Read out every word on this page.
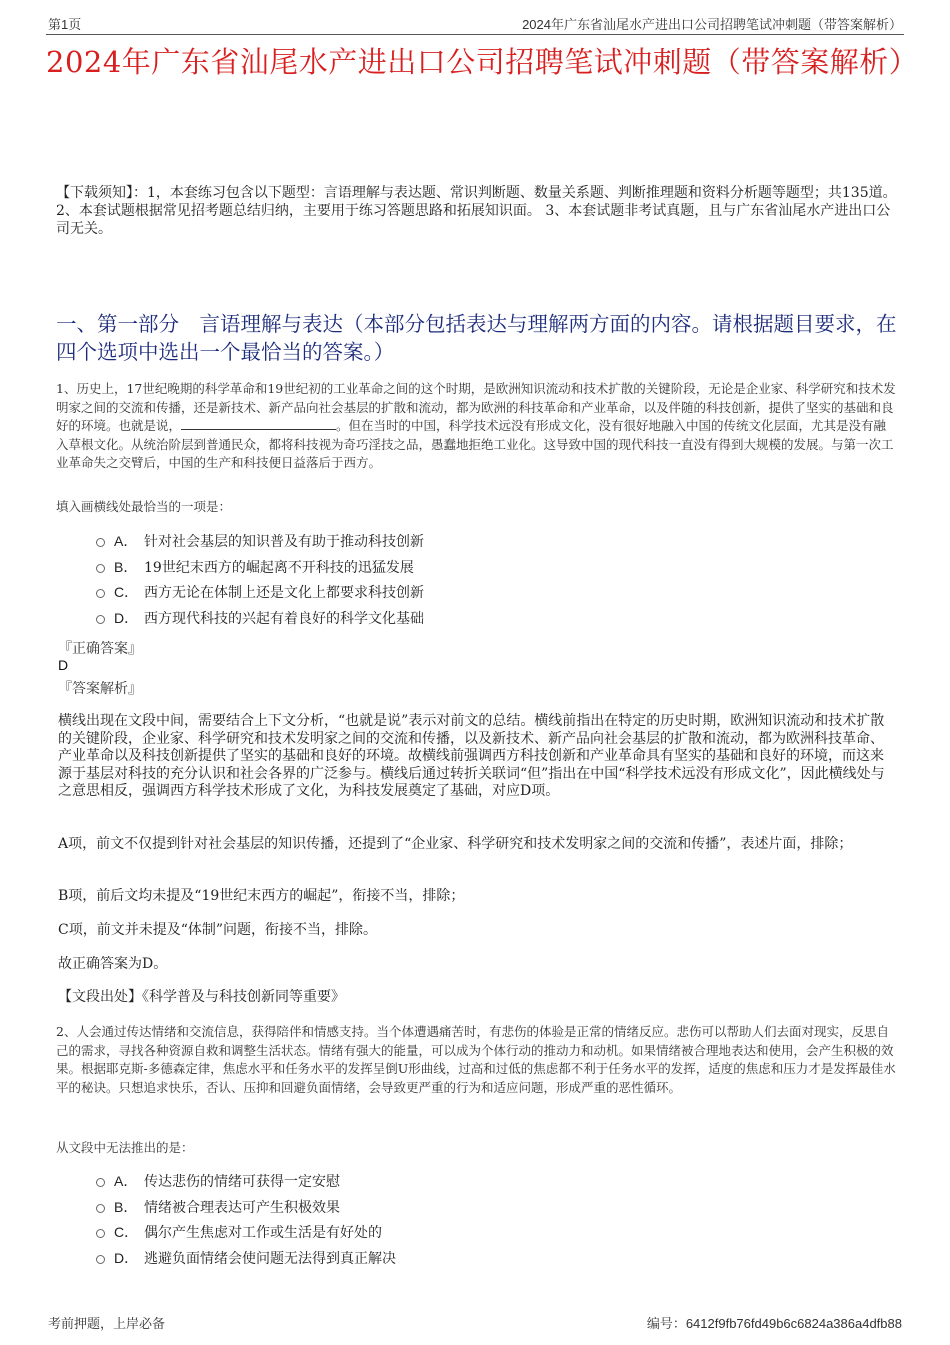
第1页	2024年广东省汕尾水产进出口公司招聘笔试冲刺题（带答案解析）
2024年广东省汕尾水产进出口公司招聘笔试冲刺题（带答案解析）
【下载须知】：1，本套练习包含以下题型：言语理解与表达题、常识判断题、数量关系题、判断推理题和资料分析题等题型；共135道。 2、本套试题根据常见招考题总结归纳，主要用于练习答题思路和拓展知识面。 3、本套试题非考试真题，且与广东省汕尾水产进出口公司无关。
一、第一部分　言语理解与表达（本部分包括表达与理解两方面的内容。请根据题目要求，在四个选项中选出一个最恰当的答案。）
1、历史上，17世纪晚期的科学革命和19世纪初的工业革命之间的这个时期，是欧洲知识流动和技术扩散的关键阶段，无论是企业家、科学研究和技术发明家之间的交流和传播，还是新技术、新产品向社会基层的扩散和流动，都为欧洲的科技革命和产业革命，以及伴随的科技创新，提供了坚实的基础和良好的环境。也就是说，	。但在当时的中国，科学技术远没有形成文化，没有很好地融入中国的传统文化层面，尤其是没有融入草根文化。从统治阶层到普通民众，都将科技视为奇巧淫技之品，愚蠢地拒绝工业化。这导致中国的现代科技一直没有得到大规模的发展。与第一次工业革命失之交臂后，中国的生产和科技便日益落后于西方。
填入画横线处最恰当的一项是：
A． 针对社会基层的知识普及有助于推动科技创新
B． 19世纪末西方的崛起离不开科技的迅猛发展
C． 西方无论在体制上还是文化上都要求科技创新
D． 西方现代科技的兴起有着良好的科学文化基础
『正确答案』
D
『答案解析』

横线出现在文段中间，需要结合上下文分析，“也就是说”表示对前文的总结。横线前指出在特定的历史时期，欧洲知识流动和技术扩散的关键阶段，企业家、科学研究和技术发明家之间的交流和传播，以及新技术、新产品向社会基层的扩散和流动，都为欧洲科技革命、产业革命以及科技创新提供了坚实的基础和良好的环境。故横线前强调西方科技创新和产业革命具有坚实的基础和良好的环境，而这来源于基层对科技的充分认识和社会各界的广泛参与。横线后通过转折关联词“但”指出在中国“科学技术远没有形成文化”，因此横线处与之意思相反，强调西方科学技术形成了文化，为科技发展奠定了基础，对应D项。

A项，前文不仅提到针对社会基层的知识传播，还提到了“企业家、科学研究和技术发明家之间的交流和传播”，表述片面，排除；

B项，前后文均未提及“19世纪末西方的崛起”，衔接不当，排除；

C项，前文并未提及“体制”问题，衔接不当，排除。

故正确答案为D。

【文段出处】《科学普及与科技创新同等重要》

2、人会通过传达情绪和交流信息，获得陪伴和情感支持。当个体遭遇痛苦时，有悲伤的体验是正常的情绪反应。悲伤可以帮助人们去面对现实，反思自己的需求，寻找各种资源自救和调整生活状态。情绪有强大的能量，可以成为个体行动的推动力和动机。如果情绪被合理地表达和使用，会产生积极的效果。根据耶克斯-多德森定律，焦虑水平和任务水平的发挥呈倒U形曲线，过高和过低的焦虑都不利于任务水平的发挥，适度的焦虑和压力才是发挥最佳水平的秘诀。只想追求快乐，否认、压抑和回避负面情绪，会导致更严重的行为和适应问题，形成严重的恶性循环。
从文段中无法推出的是：
A． 传达悲伤的情绪可获得一定安慰
B． 情绪被合理表达可产生积极效果
C． 偶尔产生焦虑对工作或生活是有好处的
D． 逃避负面情绪会使问题无法得到真正解决
考前押题，上岸必备	编号：6412f9fb76fd49b6c6824a386a4dfb88
